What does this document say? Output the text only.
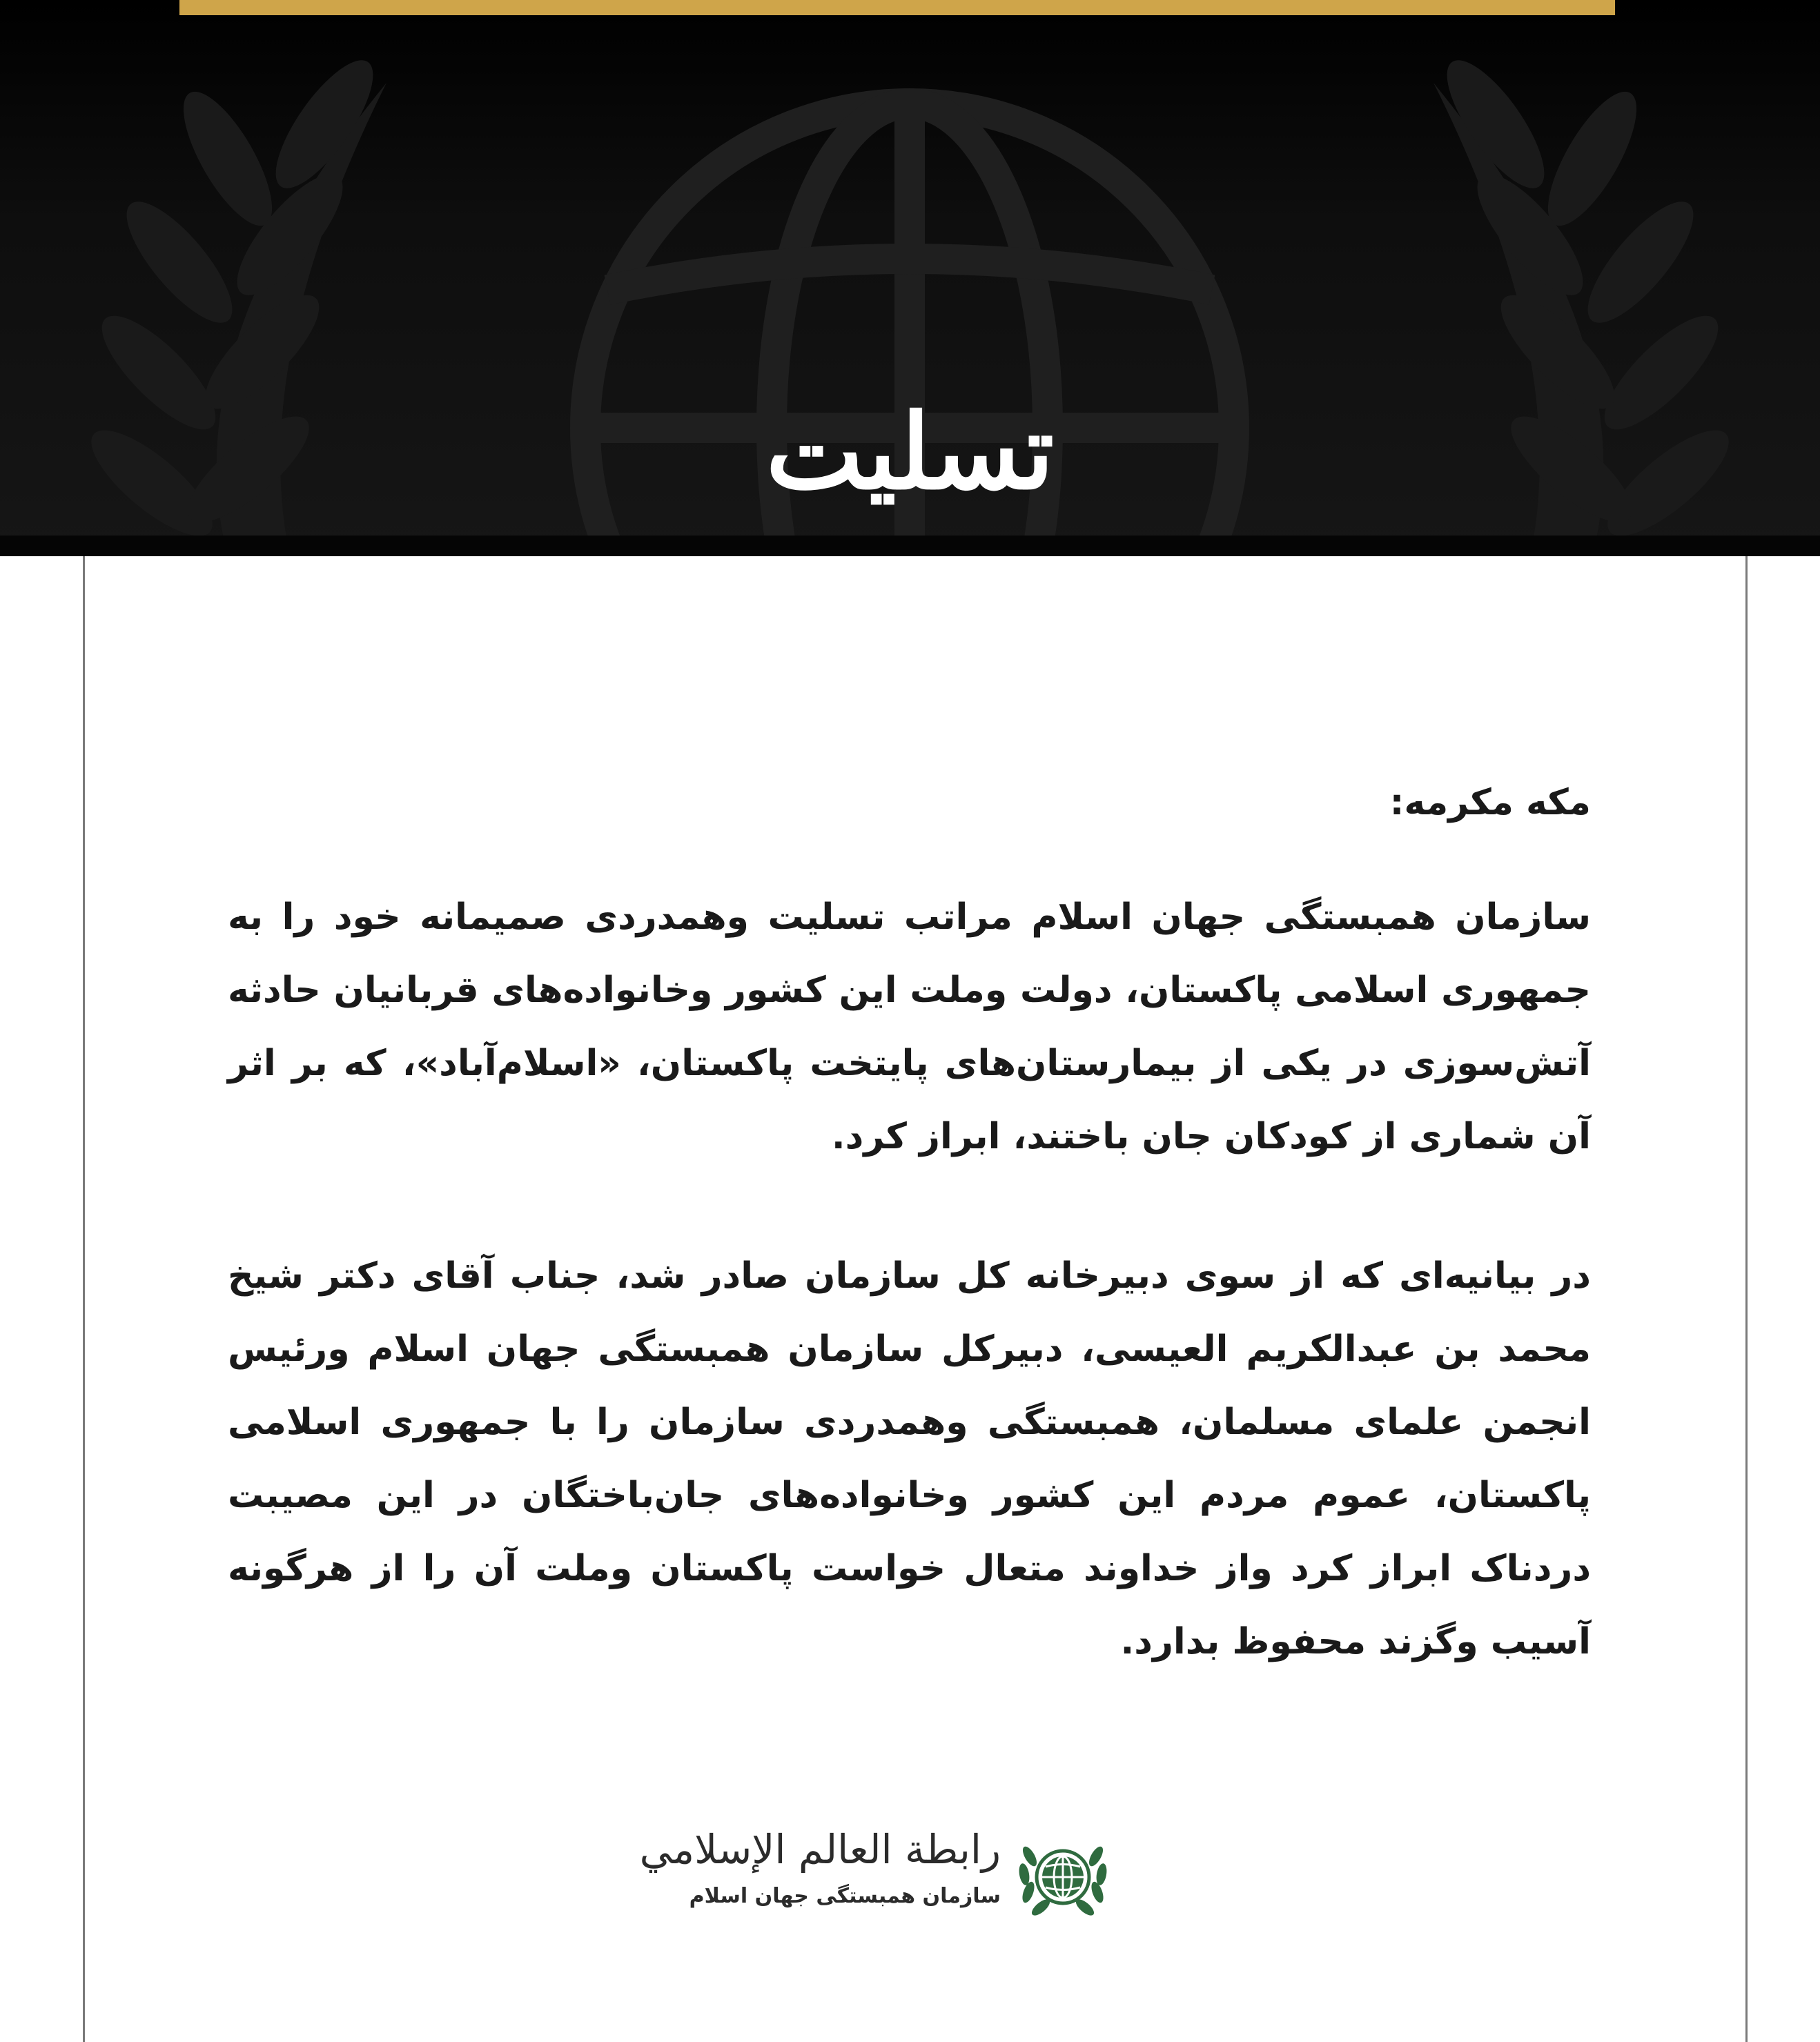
تسلیت

مکه مکرمه:

سازمان همبستگی جهان اسلام مراتب تسلیت وهمدردی صمیمانه خود را به جمهوری اسلامی پاکستان، دولت وملت این کشور وخانواده‌های قربانیان حادثه آتش‌سوزی در یکی از بیمارستان‌های پایتخت پاکستان، «اسلام‌آباد»، که بر اثر آن شماری از کودکان جان باختند، ابراز کرد.

در بیانیه‌ای که از سوی دبیرخانه کل سازمان صادر شد، جناب آقای دکتر شیخ محمد بن عبدالکریم العیسی، دبیرکل سازمان همبستگی جهان اسلام ورئیس انجمن علمای مسلمان، همبستگی وهمدردی سازمان را با جمهوری اسلامی پاکستان، عموم مردم این کشور وخانواده‌های جان‌باختگان در این مصیبت دردناک ابراز کرد واز خداوند متعال خواست پاکستان وملت آن را از هرگونه آسیب وگزند محفوظ بدارد.

رابطة العالم الإسلامي
سازمان همبستگی جهان اسلام
